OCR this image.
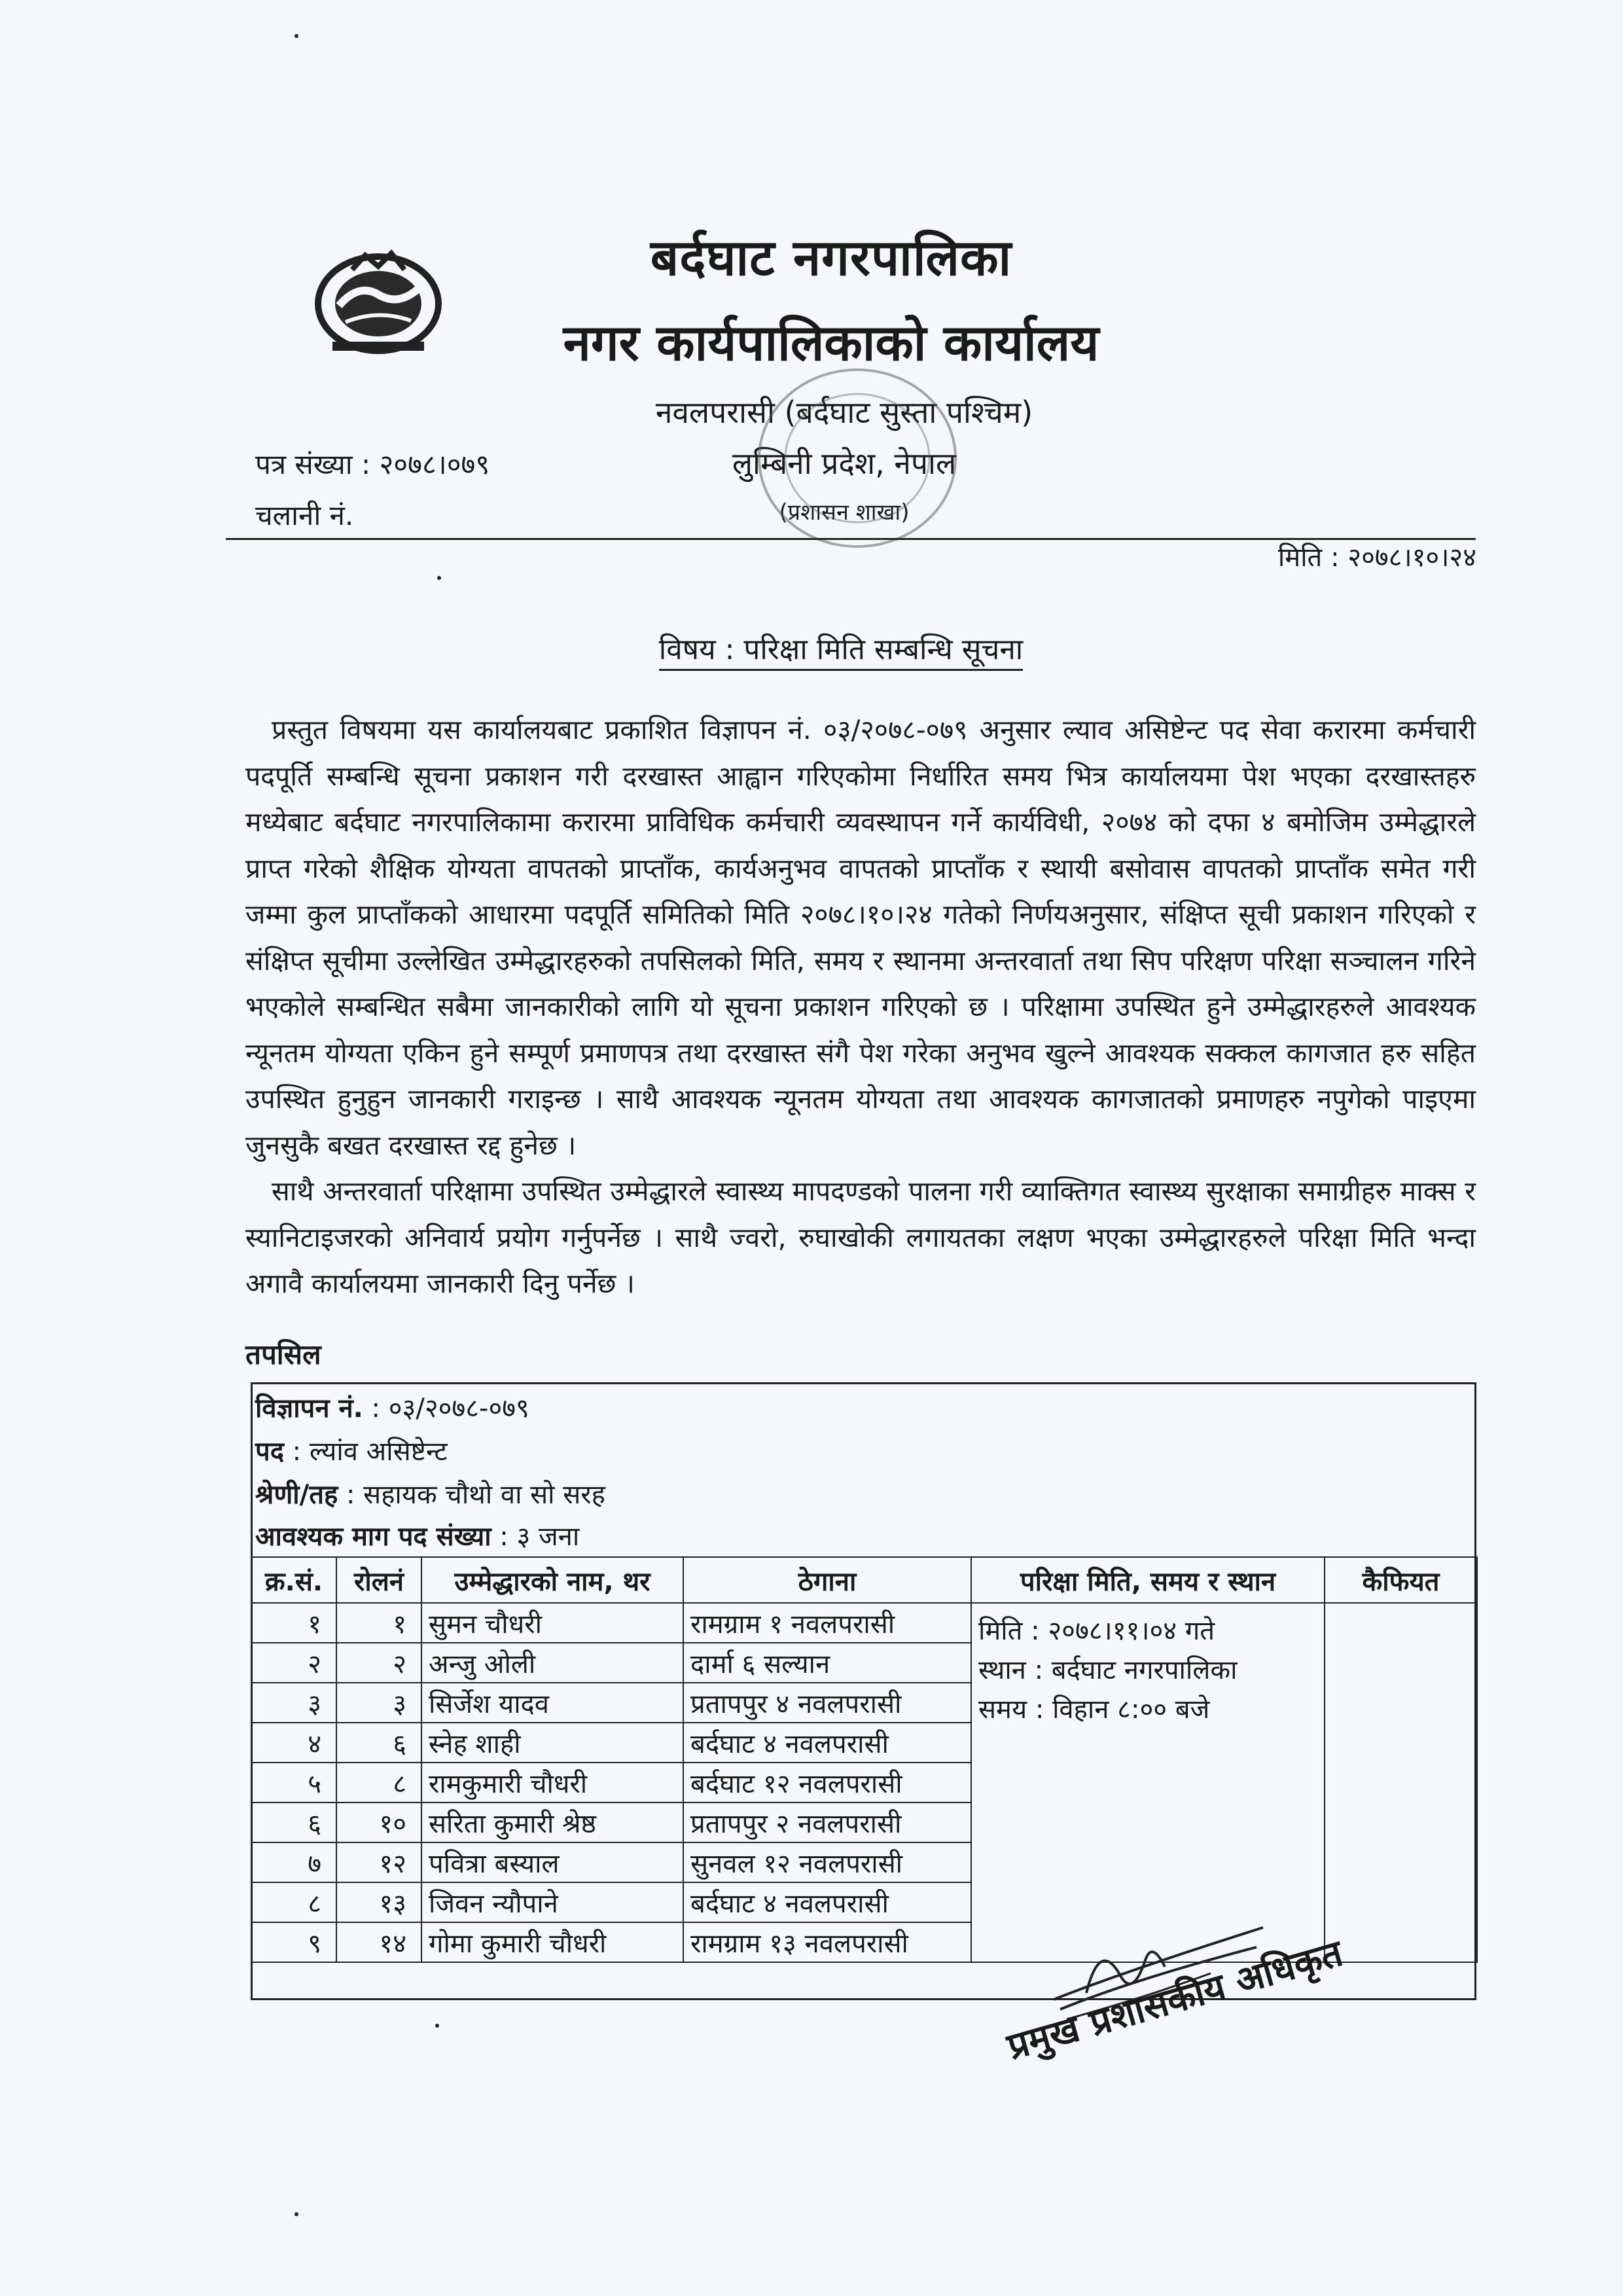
बर्दघाट नगरपालिका
नगर कार्यपालिकाको कार्यालय
नवलपरासी (बर्दघाट सुस्ता पश्चिम)
लुम्बिनी प्रदेश, नेपाल
(प्रशासन शाखा)
पत्र संख्या : २०७८।०७९
चलानी नं.
मिति : २०७८।१०।२४
विषय : परिक्षा मिति सम्बन्धि सूचना

प्रस्तुत विषयमा यस कार्यालयबाट प्रकाशित विज्ञापन नं. ०३/२०७८-०७९ अनुसार ल्याव असिष्टेन्ट पद सेवा करारमा कर्मचारी पदपूर्ति सम्बन्धि सूचना प्रकाशन गरी दरखास्त आह्वान गरिएकोमा निर्धारित समय भित्र कार्यालयमा पेश भएका दरखास्तहरु मध्येबाट बर्दघाट नगरपालिकामा करारमा प्राविधिक कर्मचारी व्यवस्थापन गर्ने कार्यविधी, २०७४ को दफा ४ बमोजिम उम्मेद्धारले प्राप्त गरेको शैक्षिक योग्यता वापतको प्राप्ताँक, कार्यअनुभव वापतको प्राप्ताँक र स्थायी बसोवास वापतको प्राप्ताँक समेत गरी जम्मा कुल प्राप्ताँकको आधारमा पदपूर्ति समितिको मिति २०७८।१०।२४ गतेको निर्णयअनुसार, संक्षिप्त सूची प्रकाशन गरिएको र संक्षिप्त सूचीमा उल्लेखित उम्मेद्धारहरुको तपसिलको मिति, समय र स्थानमा अन्तरवार्ता तथा सिप परिक्षण परिक्षा सञ्चालन गरिने भएकोले सम्बन्धित सबैमा जानकारीको लागि यो सूचना प्रकाशन गरिएको छ । परिक्षामा उपस्थित हुने उम्मेद्धारहरुले आवश्यक न्यूनतम योग्यता एकिन हुने सम्पूर्ण प्रमाणपत्र तथा दरखास्त संगै पेश गरेका अनुभव खुल्ने आवश्यक सक्कल कागजात हरु सहित उपस्थित हुनुहुन जानकारी गराइन्छ । साथै आवश्यक न्यूनतम योग्यता तथा आवश्यक कागजातको प्रमाणहरु नपुगेको पाइएमा जुनसुकै बखत दरखास्त रद्द हुनेछ ।

साथै अन्तरवार्ता परिक्षामा उपस्थित उम्मेद्धारले स्वास्थ्य मापदण्डको पालना गरी व्याक्तिगत स्वास्थ्य सुरक्षाका समाग्रीहरु माक्स र स्यानिटाइजरको अनिवार्य प्रयोग गर्नुपर्नेछ । साथै ज्वरो, रुघाखोकी लगायतका लक्षण भएका उम्मेद्धारहरुले परिक्षा मिति भन्दा अगावै कार्यालयमा जानकारी दिनु पर्नेछ ।

तपसिल
विज्ञापन नं. : ०३/२०७८-०७९
पद : ल्यांव असिष्टेन्ट
श्रेणी/तह : सहायक चौथो वा सो सरह
आवश्यक माग पद संख्या : ३ जना
क्र.सं.	रोलनं	उम्मेद्धारको नाम, थर	ठेगाना	परिक्षा मिति, समय र स्थान	कैफियत
१	१	सुमन चौधरी	रामग्राम १ नवलपरासी	मिति : २०७८।११।०४ गते
स्थान : बर्दघाट नगरपालिका
समय : विहान ८:०० बजे	

२	२	अन्जु ओली	दार्मा ६ सल्यान		
३	३	सिर्जेश यादव	प्रतापपुर ४ नवलपरासी		
४	६	स्नेह शाही	बर्दघाट ४ नवलपरासी		
५	८	रामकुमारी चौधरी	बर्दघाट १२ नवलपरासी		
६	१०	सरिता कुमारी श्रेष्ठ	प्रतापपुर २ नवलपरासी		
७	१२	पवित्रा बस्याल	सुनवल १२ नवलपरासी		
८	१३	जिवन न्यौपाने	बर्दघाट ४ नवलपरासी		
९	१४	गोमा कुमारी चौधरी	रामग्राम १३ नवलपरासी			प्रमुख प्रशासकीय अधिकृत
